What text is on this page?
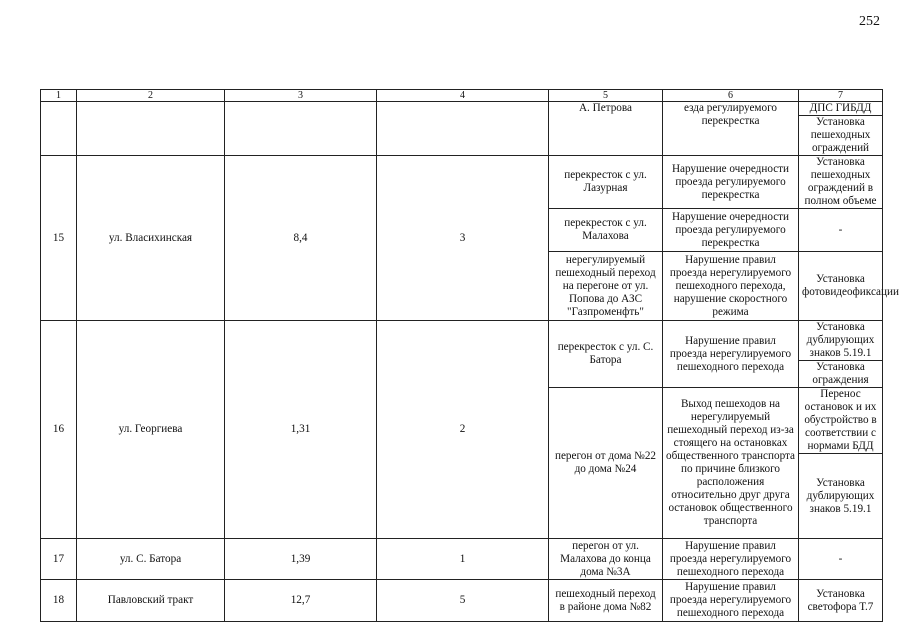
252
1	2	3	4	5	6	7
				А. Петрова	езда регулируемого перекрестка	ДПС ГИБДД
						Установка пешеходных ограждений
15	ул. Власихинская	8,4	3	перекресток с ул. Лазурная	Нарушение очередности проезда регулируемого перекрестка	Установка пешеходных ограждений в полном объеме
				перекресток с ул. Малахова	Нарушение очередности проезда регулируемого перекрестка	-
				нерегулируемый пешеходный переход на перегоне от ул. Попова до АЗС "Газпроменфть"	Нарушение правил проезда нерегулируемого пешеходного перехода, нарушение скоростного режима	Установка фотовидеофиксации
16	ул. Георгиева	1,31	2	перекресток с ул. С. Батора	Нарушение правил проезда нерегулируемого пешеходного перехода	Установка дублирующих знаков 5.19.1
						Установка ограждения
				перегон от дома №22 до дома №24	Выход пешеходов на нерегулируемый пешеходный переход из-за стоящего на остановках общественного транспорта по причине близкого расположения относительно друг друга остановок общественного транспорта	Перенос остановок и их обустройство в соответствии с нормами БДД
						Установка дублирующих знаков 5.19.1
17	ул. С. Батора	1,39	1	перегон от ул. Малахова до конца дома №3А	Нарушение правил проезда нерегулируемого пешеходного перехода	-
18	Павловский тракт	12,7	5	пешеходный переход в районе дома №82	Нарушение правил проезда нерегулируемого пешеходного перехода	Установка светофора Т.7
